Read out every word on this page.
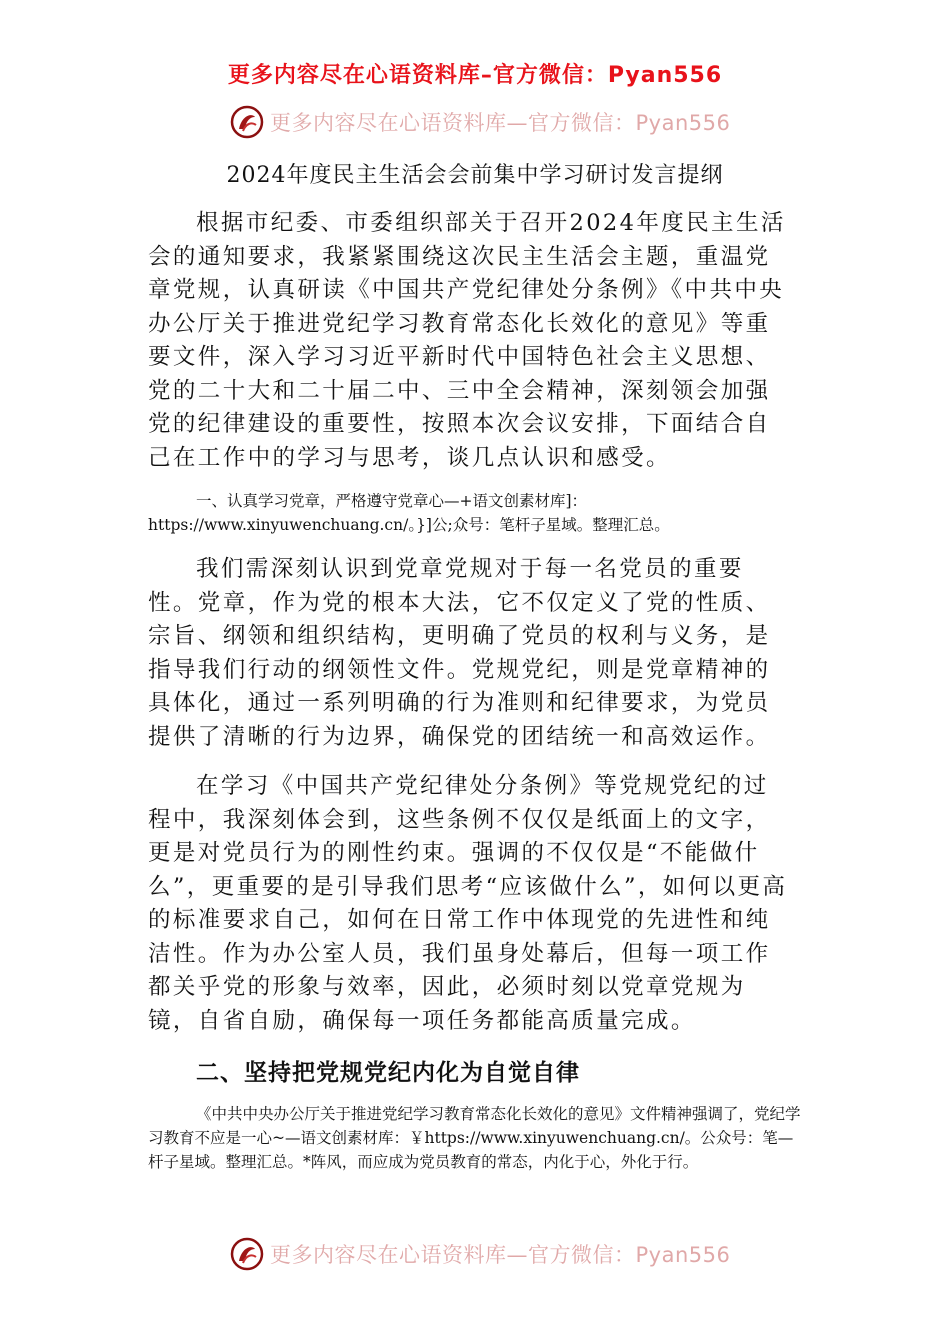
更多内容尽在心语资料库–官方微信：Pyan556
更多内容尽在心语资料库—官方微信：Pyan556
2024年度民主生活会会前集中学习研讨发言提纲

根据市纪委、市委组织部关于召开2024年度民主生活会的通知要求，我紧紧围绕这次民主生活会主题，重温党章党规，认真研读《中国共产党纪律处分条例》《中共中央办公厅关于推进党纪学习教育常态化长效化的意见》等重要文件，深入学习习近平新时代中国特色社会主义思想、党的二十大和二十届二中、三中全会精神，深刻领会加强党的纪律建设的重要性，按照本次会议安排，下面结合自己在工作中的学习与思考，谈几点认识和感受。

一、认真学习党章，严格遵守党章心—+语文创素材库]：https://www.xinyuwenchuang.cn/。}]公;众号：笔杆子星域。整理汇总。

我们需深刻认识到党章党规对于每一名党员的重要性。党章，作为党的根本大法，它不仅定义了党的性质、宗旨、纲领和组织结构，更明确了党员的权利与义务，是指导我们行动的纲领性文件。党规党纪，则是党章精神的具体化，通过一系列明确的行为准则和纪律要求，为党员提供了清晰的行为边界，确保党的团结统一和高效运作。

在学习《中国共产党纪律处分条例》等党规党纪的过程中，我深刻体会到，这些条例不仅仅是纸面上的文字，更是对党员行为的刚性约束。强调的不仅仅是“不能做什么”，更重要的是引导我们思考“应该做什么”，如何以更高的标准要求自己，如何在日常工作中体现党的先进性和纯洁性。作为办公室人员，我们虽身处幕后，但每一项工作都关乎党的形象与效率，因此，必须时刻以党章党规为镜，自省自励，确保每一项任务都能高质量完成。

二、坚持把党规党纪内化为自觉自律

《中共中央办公厅关于推进党纪学习教育常态化长效化的意见》文件精神强调了，党纪学习教育不应是一心~—语文创素材库：￥https://www.xinyuwenchuang.cn/。公众号：笔—杆子星域。整理汇总。*阵风，而应成为党员教育的常态，内化于心，外化于行。

更多内容尽在心语资料库—官方微信：Pyan556
